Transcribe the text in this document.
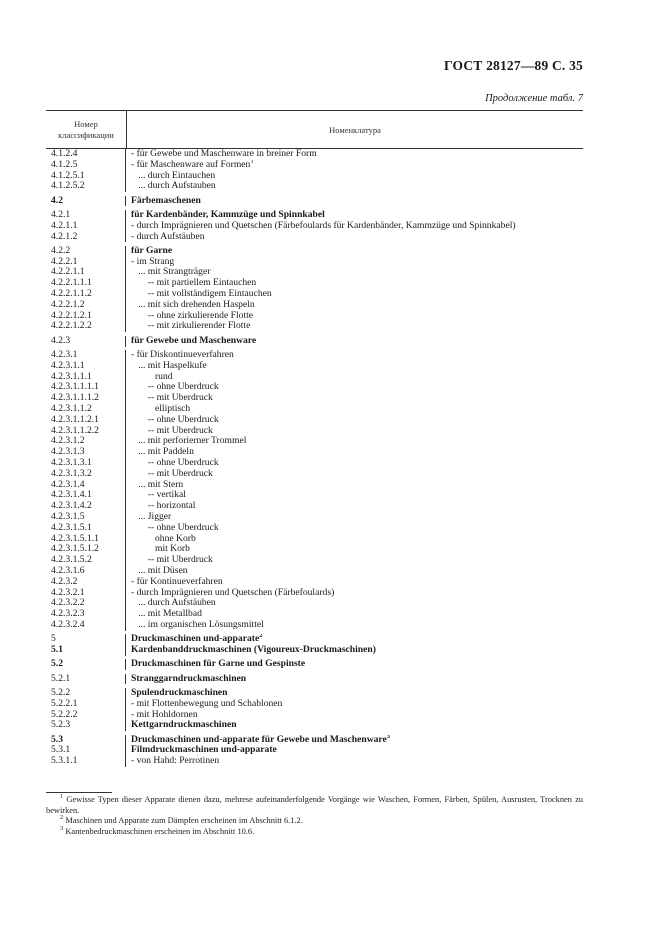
ГОСТ 28127—89 С. 35
Продолжение табл. 7
Номер
классификации	Номенклатура
4.1.2.4	- für Gewebe und Maschenware in breiner Form
4.1.2.5	- für Maschenware auf Formen$^1$
4.1.2.5.1	... durch Eintauchen
4.1.2.5.2	... durch Aufstauben
4.2	Färbemaschenen
4.2.1	für Kardenbänder, Kammzüge und Spinnkabel
4.2.1.1	- durch Imprägnieren und Quetschen (Färbefoulards für Kardenbänder, Kammzüge und Spinnkabel)
4.2.1.2	- durch Aufstäuben
4.2.2	für Garne
4.2.2.1	- im Strang
4.2.2.1.1	... mit Strangträger
4.2.2.1.1.1	-- mit partiellem Eintauchen
4.2.2.1.1.2	-- mit vollständigem Eintauchen
4.2.2.1.2	... mit sich drehenden Haspeln
4.2.2.1.2.1	-- ohne zirkulierende Flotte
4.2.2.1.2.2	-- mit zirkulierender Flotte
4.2.3	für Gewebe und Maschenware
4.2.3.1	- für Diskontinueverfahren
4.2.3.1.1	... mit Haspelkufe
4.2.3.1.1.1	rund
4.2.3.1.1.1.1	-- ohne Überdruck
4.2.3.1.1.1.2	-- mit Überdruck
4.2.3.1.1.2	elliptisch
4.2.3.1.1.2.1	-- ohne Überdruck
4.2.3.1.1.2.2	-- mit Überdruck
4.2.3.1.2	... mit perforierner Trommel
4.2.3.1.3	... mit Paddeln
4.2.3.1.3.1	-- ohne Überdruck
4.2.3.1.3.2	-- mit Überdruck
4.2.3.1.4	... mit Stern
4.2.3.1.4.1	-- vertikal
4.2.3.1.4.2	-- horizontal
4.2.3.1.5	... Jigger
4.2.3.1.5.1	-- ohne Überdruck
4.2.3.1.5.1.1	ohne Korb
4.2.3.1.5.1.2	mit Korb
4.2.3.1.5.2	-- mit Überdruck
4.2.3.1.6	... mit Düsen
4.2.3.2	- für Kontinueverfahren
4.2.3.2.1	- durch Imprägnieren und Quetschen (Färbefoulards)
4.2.3.2.2	... durch Aufstäuben
4.2.3.2.3	... mit Metallbad
4.2.3.2.4	... im organischen Lösungsmittel
5	Druckmaschinen und-apparate$^2$
5.1	Kardenbanddruckmaschinen (Vigoureux-Druckmaschinen)
5.2	Druckmaschinen für Garne und Gespinste
5.2.1	Stranggarndruckmaschinen
5.2.2	Spulendruckmaschinen
5.2.2.1	- mit Flottenbewegung und Schablonen
5.2.2.2	- mit Hohldornen
5.2.3	Kettgarndruckmaschinen
5.3	Druckmaschinen und-apparate für Gewebe und Maschenware$^3$
5.3.1	Filmdruckmaschinen und-apparate
5.3.1.1	- von Hahd: Perrotinen
$^1$ Gewisse Typen dieser Apparate dienen dazu, mehrese aufeinanderfolgende Vorgänge wie Waschen, Formen, Färben, Spülen, Ausrusten, Trocknen zu bewirken.
$^2$ Maschinen und Apparate zum Dämpfen erscheinen im Abschnitt 6.1.2.
$^3$ Kantenbedruckmaschinen erscheinen im Abschnitt 10.6.
